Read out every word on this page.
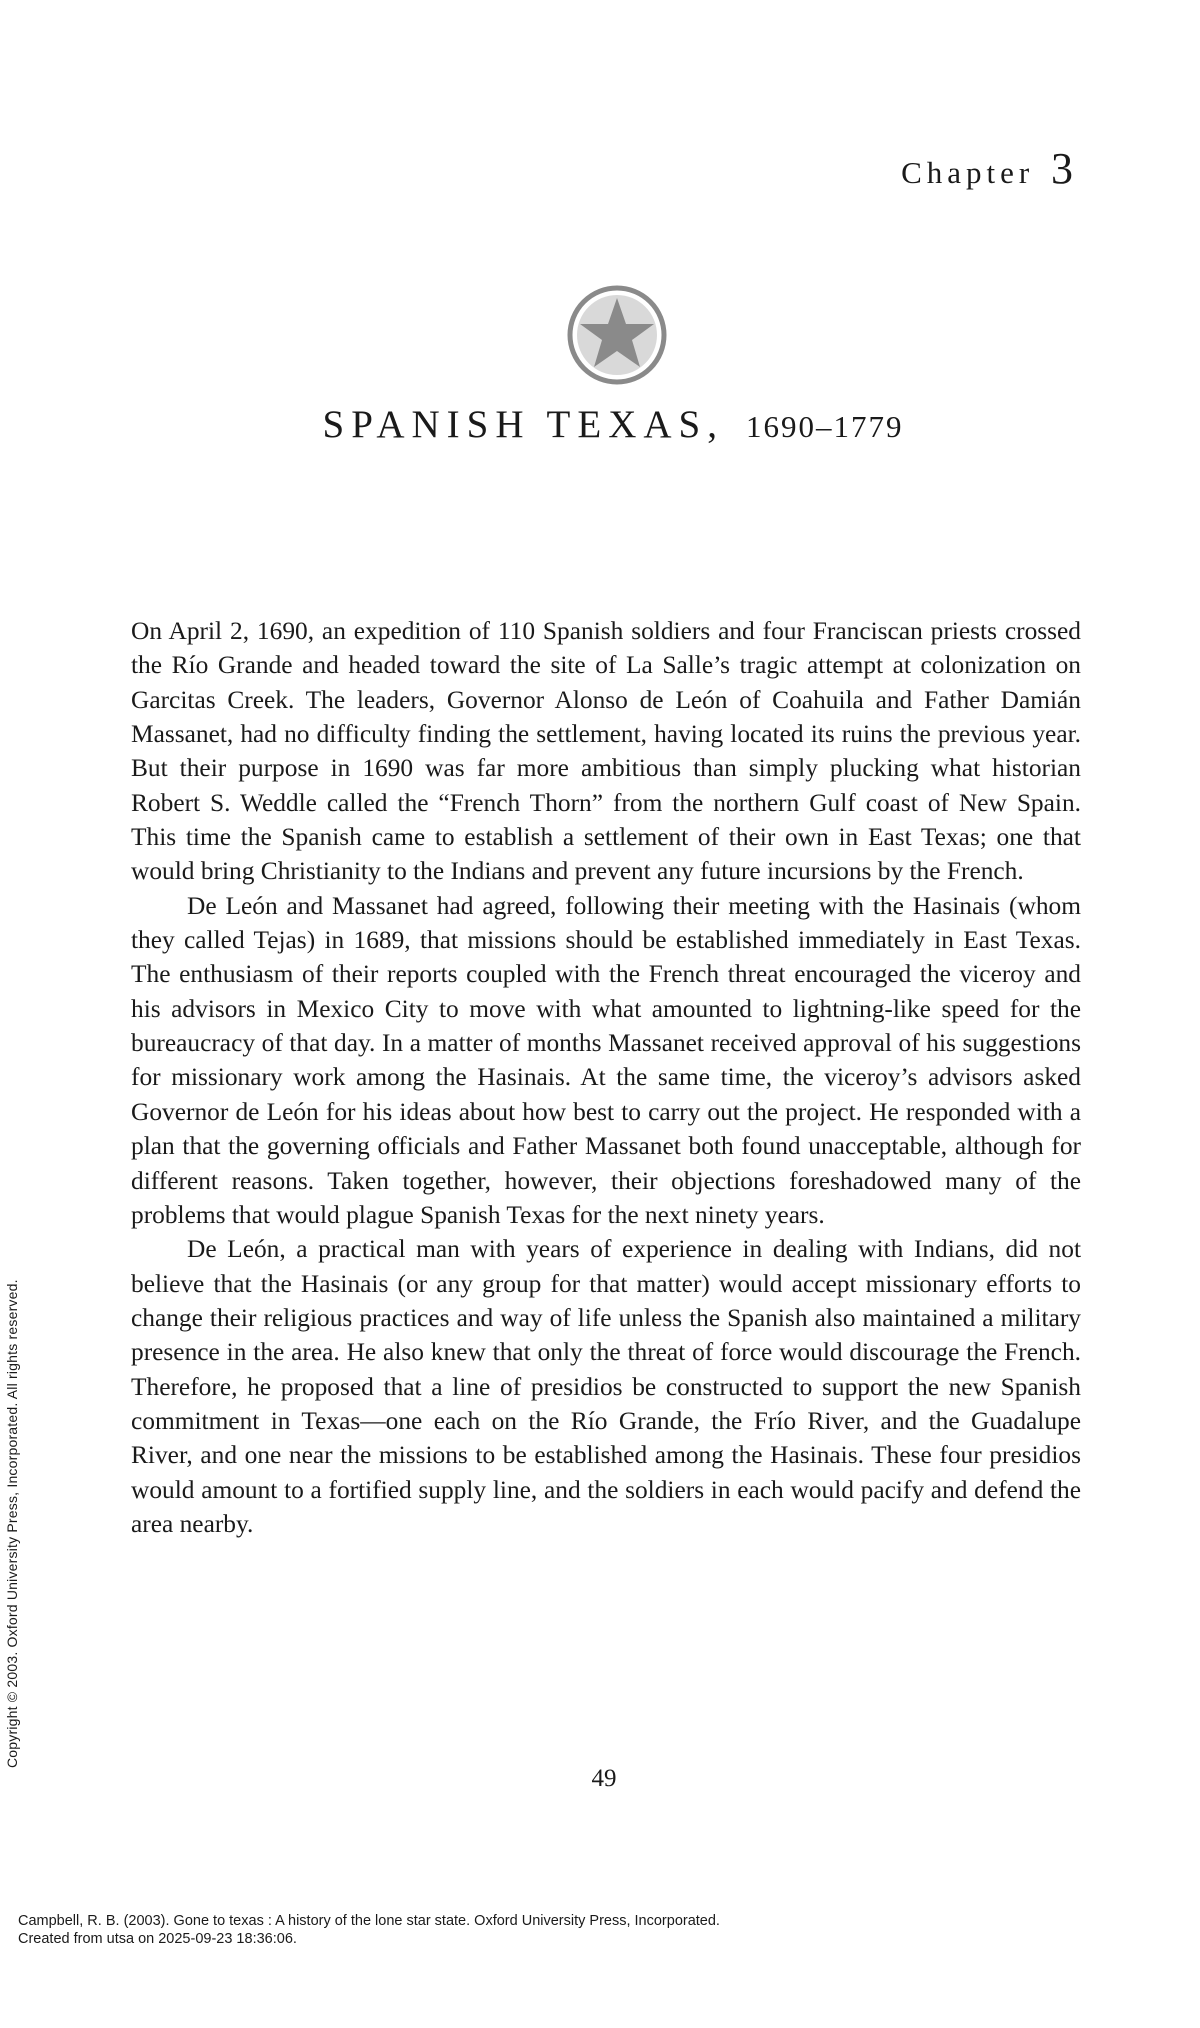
Chapter 3
SPANISH TEXAS, 1690–1779

On April 2, 1690, an expedition of 110 Spanish soldiers and four Franciscan priests crossed the Río Grande and headed toward the site of La Salle’s tragic attempt at colonization on Garcitas Creek. The leaders, Governor Alonso de León of Coahuila and Father Damián Massanet, had no difficulty finding the settlement, having located its ruins the previous year. But their purpose in 1690 was far more ambitious than simply plucking what historian Robert S. Weddle called the “French Thorn” from the northern Gulf coast of New Spain. This time the Spanish came to establish a settlement of their own in East Texas; one that would bring Christianity to the Indians and prevent any future incursions by the French.

De León and Massanet had agreed, following their meeting with the Hasinais (whom they called Tejas) in 1689, that missions should be established immediately in East Texas. The enthusiasm of their reports coupled with the French threat encouraged the viceroy and his advisors in Mexico City to move with what amounted to lightning-like speed for the bureaucracy of that day. In a matter of months Massanet received approval of his suggestions for missionary work among the Hasinais. At the same time, the viceroy’s advisors asked Governor de León for his ideas about how best to carry out the project. He responded with a plan that the governing officials and Father Massanet both found unacceptable, although for different reasons. Taken together, however, their objections foreshadowed many of the problems that would plague Spanish Texas for the next ninety years.

De León, a practical man with years of experience in dealing with Indians, did not believe that the Hasinais (or any group for that matter) would accept missionary efforts to change their religious practices and way of life unless the Spanish also maintained a military presence in the area. He also knew that only the threat of force would discourage the French. Therefore, he proposed that a line of presidios be constructed to support the new Spanish commitment in Texas—one each on the Río Grande, the Frío River, and the Guadalupe River, and one near the missions to be established among the Hasinais. These four presidios would amount to a fortified supply line, and the soldiers in each would pacify and defend the area nearby.

49
Copyright © 2003. Oxford University Press, Incorporated. All rights reserved.
Campbell, R. B. (2003). Gone to texas : A history of the lone star state. Oxford University Press, Incorporated.
Created from utsa on 2025-09-23 18:36:06.
